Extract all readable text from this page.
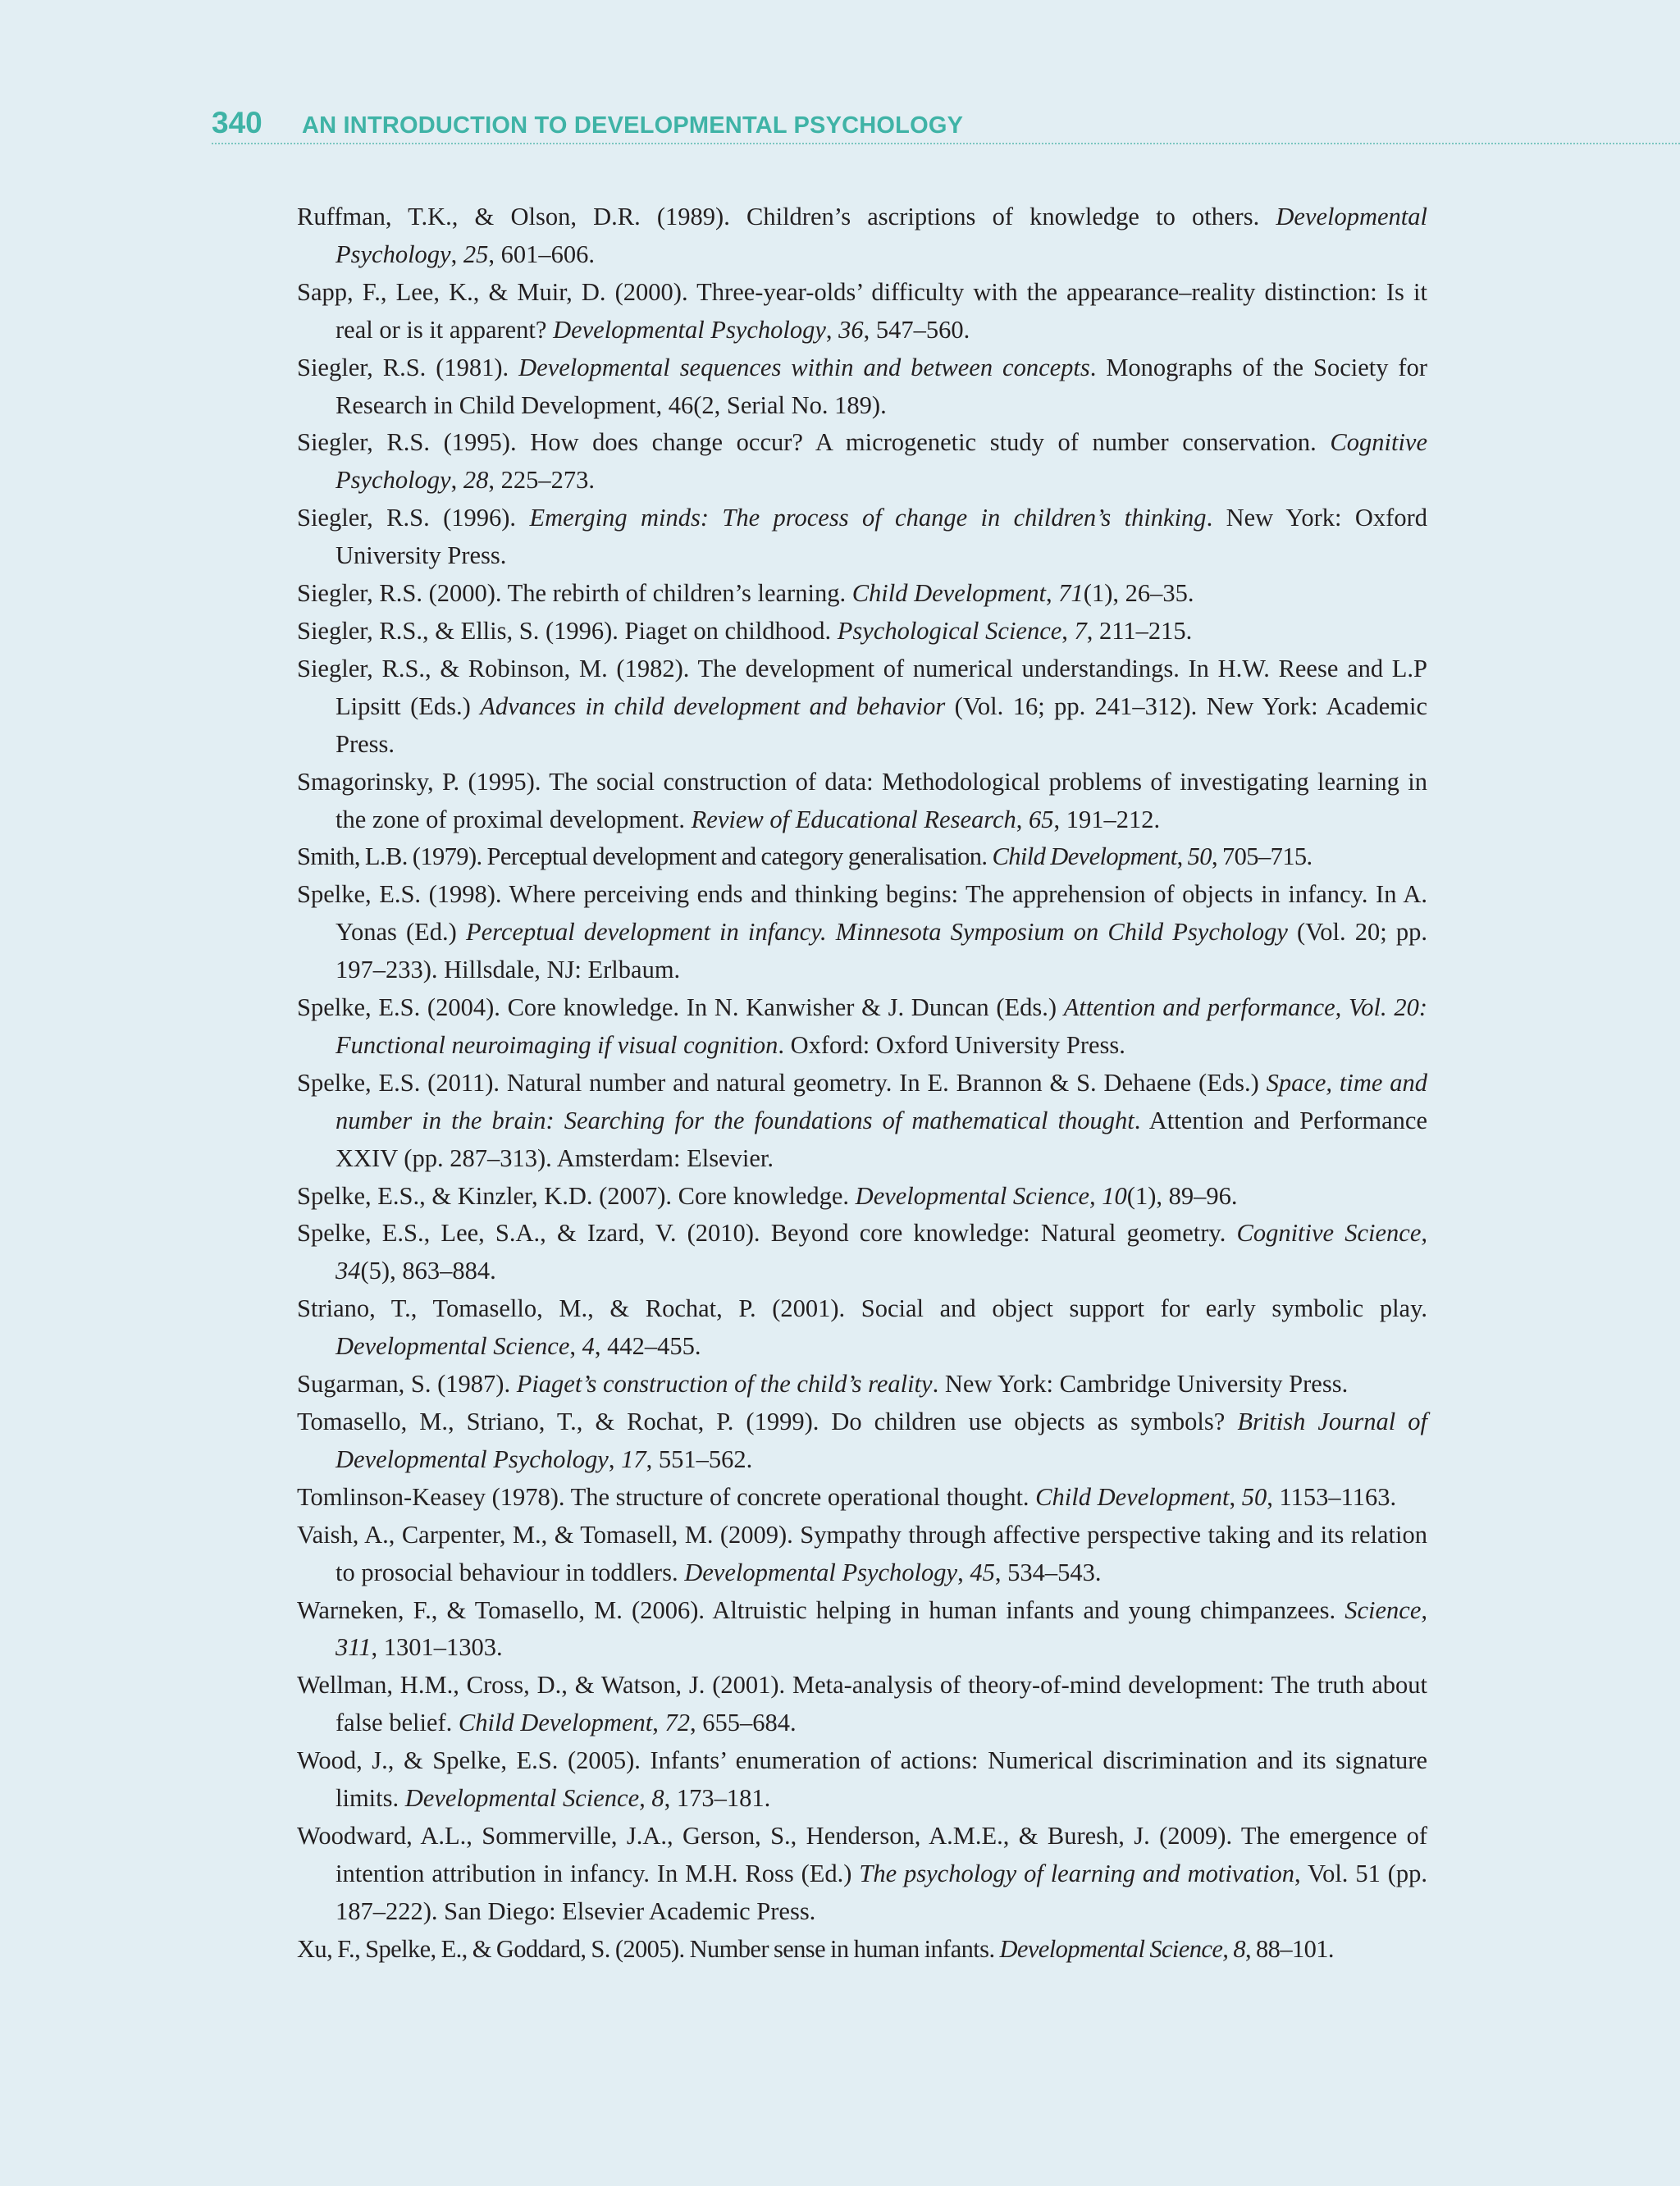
340 AN INTRODUCTION TO DEVELOPMENTAL PSYCHOLOGY
Ruffman, T.K., & Olson, D.R. (1989). Children’s ascriptions of knowledge to others. Developmental Psychology, 25, 601–606.
Sapp, F., Lee, K., & Muir, D. (2000). Three-year-olds’ difficulty with the appearance–reality distinction: Is it real or is it apparent? Developmental Psychology, 36, 547–560.
Siegler, R.S. (1981). Developmental sequences within and between concepts. Monographs of the Society for Research in Child Development, 46(2, Serial No. 189).
Siegler, R.S. (1995). How does change occur? A microgenetic study of number conservation. Cognitive Psychology, 28, 225–273.
Siegler, R.S. (1996). Emerging minds: The process of change in children’s thinking. New York: Oxford University Press.
Siegler, R.S. (2000). The rebirth of children’s learning. Child Development, 71(1), 26–35.
Siegler, R.S., & Ellis, S. (1996). Piaget on childhood. Psychological Science, 7, 211–215.
Siegler, R.S., & Robinson, M. (1982). The development of numerical understandings. In H.W. Reese and L.P Lipsitt (Eds.) Advances in child development and behavior (Vol. 16; pp. 241–312). New York: Academic Press.
Smagorinsky, P. (1995). The social construction of data: Methodological problems of investigating learning in the zone of proximal development. Review of Educational Research, 65, 191–212.
Smith, L.B. (1979). Perceptual development and category generalisation. Child Development, 50, 705–715.
Spelke, E.S. (1998). Where perceiving ends and thinking begins: The apprehension of objects in infancy. In A. Yonas (Ed.) Perceptual development in infancy. Minnesota Symposium on Child Psychology (Vol. 20; pp. 197–233). Hillsdale, NJ: Erlbaum.
Spelke, E.S. (2004). Core knowledge. In N. Kanwisher & J. Duncan (Eds.) Attention and performance, Vol. 20: Functional neuroimaging if visual cognition. Oxford: Oxford University Press.
Spelke, E.S. (2011). Natural number and natural geometry. In E. Brannon & S. Dehaene (Eds.) Space, time and number in the brain: Searching for the foundations of mathematical thought. Attention and Performance XXIV (pp. 287–313). Amsterdam: Elsevier.
Spelke, E.S., & Kinzler, K.D. (2007). Core knowledge. Developmental Science, 10(1), 89–96.
Spelke, E.S., Lee, S.A., & Izard, V. (2010). Beyond core knowledge: Natural geometry. Cognitive Science, 34(5), 863–884.
Striano, T., Tomasello, M., & Rochat, P. (2001). Social and object support for early symbolic play. Developmental Science, 4, 442–455.
Sugarman, S. (1987). Piaget’s construction of the child’s reality. New York: Cambridge University Press.
Tomasello, M., Striano, T., & Rochat, P. (1999). Do children use objects as symbols? British Journal of Developmental Psychology, 17, 551–562.
Tomlinson-Keasey (1978). The structure of concrete operational thought. Child Development, 50, 1153–1163.
Vaish, A., Carpenter, M., & Tomasell, M. (2009). Sympathy through affective perspective taking and its relation to prosocial behaviour in toddlers. Developmental Psychology, 45, 534–543.
Warneken, F., & Tomasello, M. (2006). Altruistic helping in human infants and young chimpanzees. Science, 311, 1301–1303.
Wellman, H.M., Cross, D., & Watson, J. (2001). Meta-analysis of theory-of-mind development: The truth about false belief. Child Development, 72, 655–684.
Wood, J., & Spelke, E.S. (2005). Infants’ enumeration of actions: Numerical discrimination and its signature limits. Developmental Science, 8, 173–181.
Woodward, A.L., Sommerville, J.A., Gerson, S., Henderson, A.M.E., & Buresh, J. (2009). The emergence of intention attribution in infancy. In M.H. Ross (Ed.) The psychology of learning and motivation, Vol. 51 (pp. 187–222). San Diego: Elsevier Academic Press.
Xu, F., Spelke, E., & Goddard, S. (2005). Number sense in human infants. Developmental Science, 8, 88–101.
